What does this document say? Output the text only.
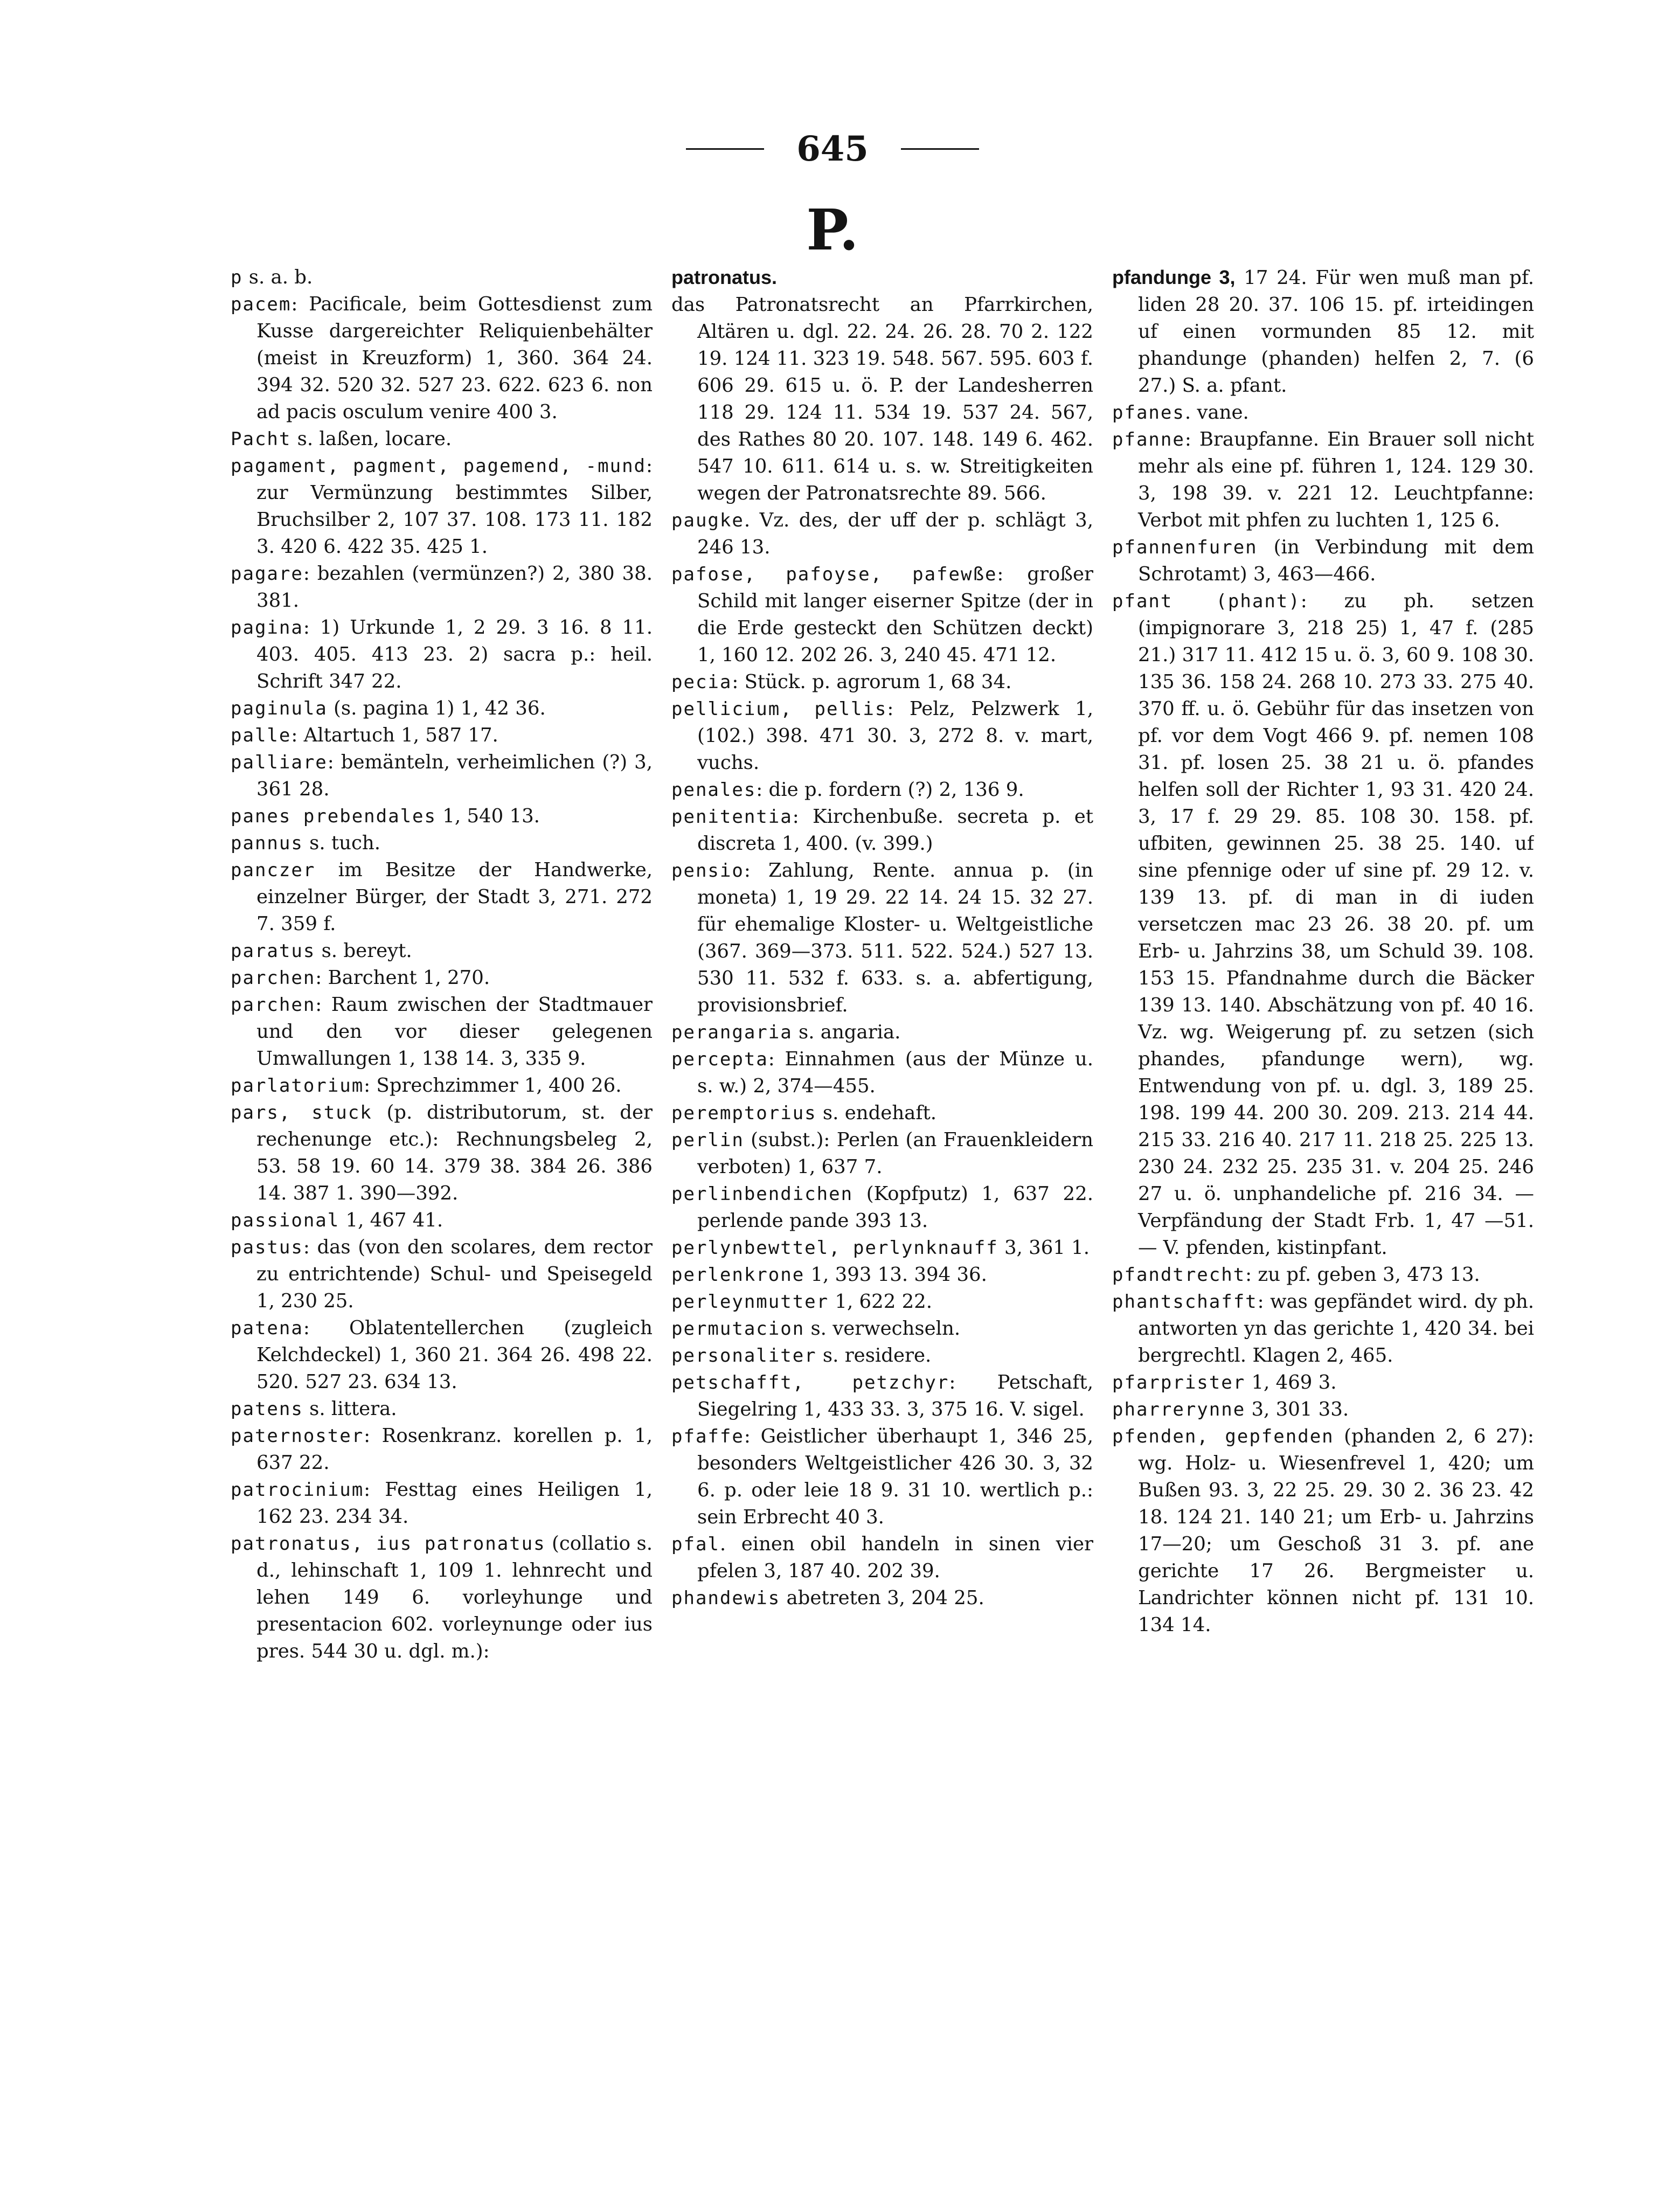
645
P.

p s. a. b.

pacem: Pacificale, beim Gottesdienst zum Kusse dargereichter Reliquienbehälter (meist in Kreuzform) 1, 360. 364 24. 394 32. 520 32. 527 23. 622. 623 6. non ad pacis osculum venire 400 3.

Pacht s. laßen, locare.

pagament, pagment, pagemend, -mund: zur Vermünzung bestimmtes Silber, Bruchsilber 2, 107 37. 108. 173 11. 182 3. 420 6. 422 35. 425 1.

pagare: bezahlen (vermünzen?) 2, 380 38. 381.

pagina: 1) Urkunde 1, 2 29. 3 16. 8 11. 403. 405. 413 23. 2) sacra p.: heil. Schrift 347 22.

paginula (s. pagina 1) 1, 42 36.

palle: Altartuch 1, 587 17.

palliare: bemänteln, verheimlichen (?) 3, 361 28.

panes prebendales 1, 540 13.

pannus s. tuch.

panczer im Besitze der Handwerke, einzelner Bürger, der Stadt 3, 271. 272 7. 359 f.

paratus s. bereyt.

parchen: Barchent 1, 270.

parchen: Raum zwischen der Stadtmauer und den vor dieser gelegenen Umwallungen 1, 138 14. 3, 335 9.

parlatorium: Sprechzimmer 1, 400 26.

pars, stuck (p. distributorum, st. der rechenunge etc.): Rechnungsbeleg 2, 53. 58 19. 60 14. 379 38. 384 26. 386 14. 387 1. 390—392.

passional 1, 467 41.

pastus: das (von den scolares, dem rector zu entrichtende) Schul- und Speisegeld 1, 230 25.

patena: Oblatentellerchen (zugleich Kelchdeckel) 1, 360 21. 364 26. 498 22. 520. 527 23. 634 13.

patens s. littera.

paternoster: Rosenkranz. korellen p. 1, 637 22.

patrocinium: Festtag eines Heiligen 1, 162 23. 234 34.

patronatus, ius patronatus (collatio s. d., lehinschaft 1, 109 1. lehnrecht und lehen 149 6. vorleyhunge und presentacion 602. vorleynunge oder ius pres. 544 30 u. dgl. m.):

patronatus.

das Patronatsrecht an Pfarrkirchen, Altären u. dgl. 22. 24. 26. 28. 70 2. 122 19. 124 11. 323 19. 548. 567. 595. 603 f. 606 29. 615 u. ö. P. der Landesherren 118 29. 124 11. 534 19. 537 24. 567, des Rathes 80 20. 107. 148. 149 6. 462. 547 10. 611. 614 u. s. w. Streitigkeiten wegen der Patronatsrechte 89. 566.

paugke. Vz. des, der uff der p. schlägt 3, 246 13.

pafose, pafoyse, pafewße: großer Schild mit langer eiserner Spitze (der in die Erde gesteckt den Schützen deckt) 1, 160 12. 202 26. 3, 240 45. 471 12.

pecia: Stück. p. agrorum 1, 68 34.

pellicium, pellis: Pelz, Pelzwerk 1, (102.) 398. 471 30. 3, 272 8. v. mart, vuchs.

penales: die p. fordern (?) 2, 136 9.

penitentia: Kirchenbuße. secreta p. et discreta 1, 400. (v. 399.)

pensio: Zahlung, Rente. annua p. (in moneta) 1, 19 29. 22 14. 24 15. 32 27. für ehemalige Kloster- u. Weltgeistliche (367. 369—373. 511. 522. 524.) 527 13. 530 11. 532 f. 633. s. a. abfertigung, provisionsbrief.

perangaria s. angaria.

percepta: Einnahmen (aus der Münze u. s. w.) 2, 374—455.

peremptorius s. endehaft.

perlin (subst.): Perlen (an Frauenkleidern verboten) 1, 637 7.

perlinbendichen (Kopfputz) 1, 637 22. perlende pande 393 13.

perlynbewttel, perlynknauff 3, 361 1.

perlenkrone 1, 393 13. 394 36.

perleynmutter 1, 622 22.

permutacion s. verwechseln.

personaliter s. residere.

petschafft, petzchyr: Petschaft, Siegelring 1, 433 33. 3, 375 16. V. sigel.

pfaffe: Geistlicher überhaupt 1, 346 25, besonders Weltgeistlicher 426 30. 3, 32 6. p. oder leie 18 9. 31 10. wertlich p.: sein Erbrecht 40 3.

pfal. einen obil handeln in sinen vier pfelen 3, 187 40. 202 39.

phandewis abetreten 3, 204 25.

pfandunge 3, 17 24. Für wen muß man pf. liden 28 20. 37. 106 15. pf. irteidingen uf einen vormunden 85 12. mit phandunge (phanden) helfen 2, 7. (6 27.) S. a. pfant.

pfanes. vane.

pfanne: Braupfanne. Ein Brauer soll nicht mehr als eine pf. führen 1, 124. 129 30. 3, 198 39. v. 221 12. Leuchtpfanne: Verbot mit phfen zu luchten 1, 125 6.

pfannenfuren (in Verbindung mit dem Schrotamt) 3, 463—466.

pfant (phant): zu ph. setzen (impignorare 3, 218 25) 1, 47 f. (285 21.) 317 11. 412 15 u. ö. 3, 60 9. 108 30. 135 36. 158 24. 268 10. 273 33. 275 40. 370 ff. u. ö. Gebühr für das insetzen von pf. vor dem Vogt 466 9. pf. nemen 108 31. pf. losen 25. 38 21 u. ö. pfandes helfen soll der Richter 1, 93 31. 420 24. 3, 17 f. 29 29. 85. 108 30. 158. pf. ufbiten, gewinnen 25. 38 25. 140. uf sine pfennige oder uf sine pf. 29 12. v. 139 13. pf. di man in di iuden versetczen mac 23 26. 38 20. pf. um Erb- u. Jahrzins 38, um Schuld 39. 108. 153 15. Pfandnahme durch die Bäcker 139 13. 140. Abschätzung von pf. 40 16. Vz. wg. Weigerung pf. zu setzen (sich phandes, pfandunge wern), wg. Entwendung von pf. u. dgl. 3, 189 25. 198. 199 44. 200 30. 209. 213. 214 44. 215 33. 216 40. 217 11. 218 25. 225 13. 230 24. 232 25. 235 31. v. 204 25. 246 27 u. ö. unphandeliche pf. 216 34. — Verpfändung der Stadt Frb. 1, 47 —51. — V. pfenden, kistinpfant.

pfandtrecht: zu pf. geben 3, 473 13.

phantschafft: was gepfändet wird. dy ph. antworten yn das gerichte 1, 420 34. bei bergrechtl. Klagen 2, 465.

pfarprister 1, 469 3.

pharrerynne 3, 301 33.

pfenden, gepfenden (phanden 2, 6 27): wg. Holz- u. Wiesenfrevel 1, 420; um Bußen 93. 3, 22 25. 29. 30 2. 36 23. 42 18. 124 21. 140 21; um Erb- u. Jahrzins 17—20; um Geschoß 31 3. pf. ane gerichte 17 26. Bergmeister u. Landrichter können nicht pf. 131 10. 134 14.
